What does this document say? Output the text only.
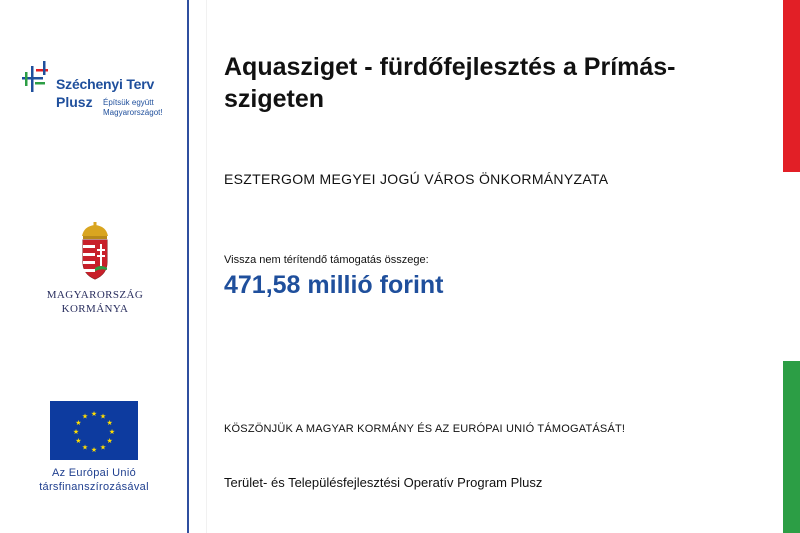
Széchenyi Terv
Plusz Építsük együtt
Magyarországot!
MAGYARORSZÁG
KORMÁNYA
★ ★
★
★
★
★
★
★
★
★
★
★
Az Európai Unió
társfinanszírozásával
Aquasziget - fürdőfejlesztés a Prímás-szigeten
ESZTERGOM MEGYEI JOGÚ VÁROS ÖNKORMÁNYZATA
Vissza nem térítendő támogatás összege:
471,58 millió forint
KÖSZÖNJÜK A MAGYAR KORMÁNY ÉS AZ EURÓPAI UNIÓ TÁMOGATÁSÁT!
Terület- és Településfejlesztési Operatív Program Plusz
